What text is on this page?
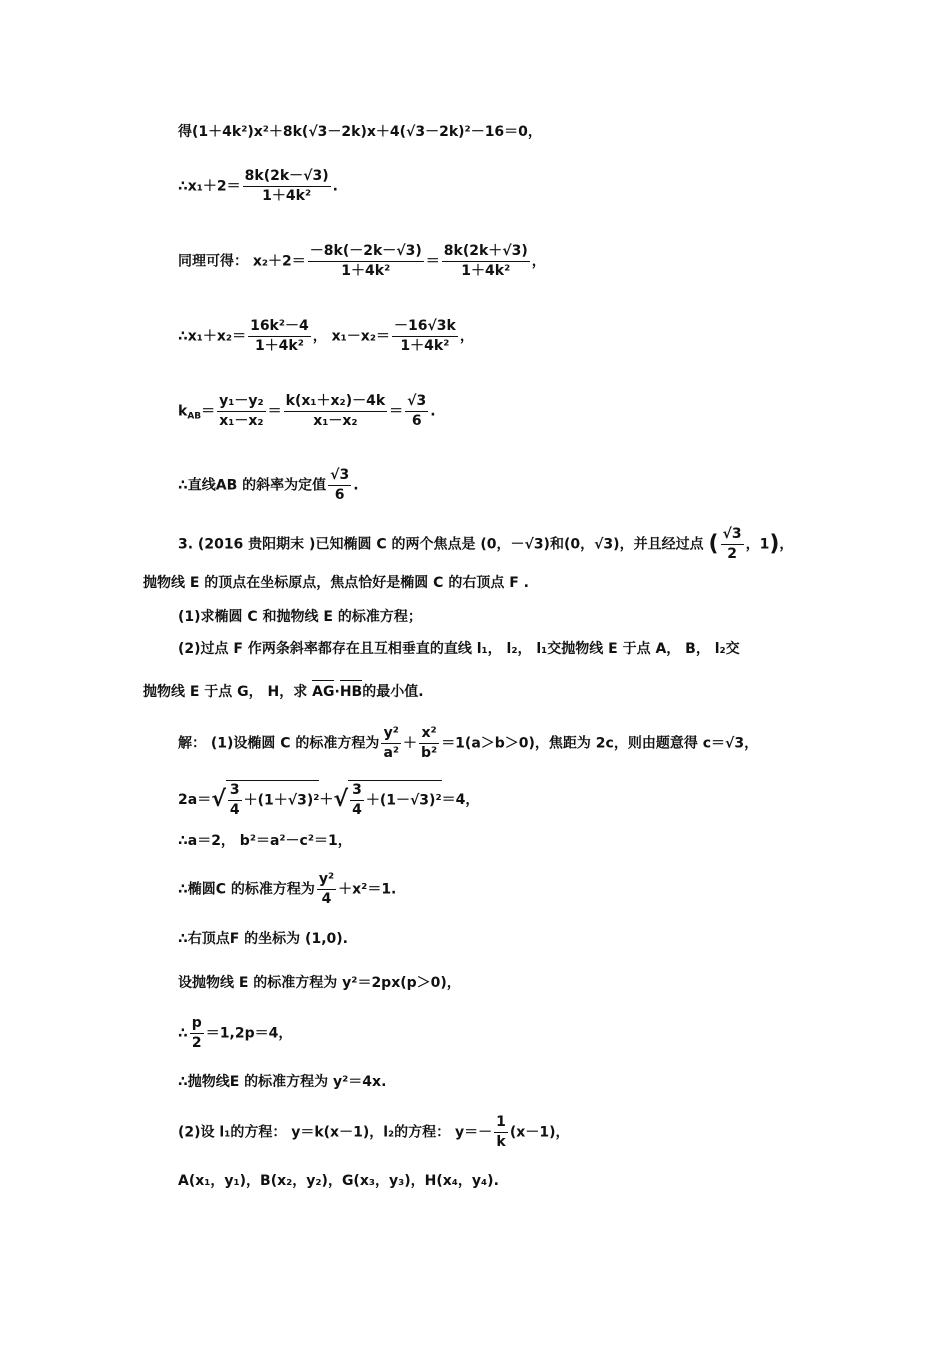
得(1＋4k²)x²＋8k(√3－2k)x＋4(√3－2k)²－16＝0，
∴x₁＋2＝ $\frac{8k(2k-√3)}{\text{1＋4k²}}$ .
同理可得： $x_2+2= \frac{-8k(-2k-√3)}{\text{1＋4k²}} = \frac{8k(2k+√3)}{\text{1＋4k²}}$ ，
∴x₁＋x₂＝ $\frac{\text{16k²－4}}{\text{1＋4k²}}$ ， $x_1-x_2= \frac{-16√3k}{\text{1＋4k²}}$ ，
$k_{AB}= \frac{\text{y₁－y₂}}{\text{x₁－x₂}} = \frac{\text{k(x₁＋x₂)－4k}}{\text{x₁－x₂}} = \frac{√3}{6}$ .
∴直线AB 的斜率为定值 $\frac{√3}{6}$ .
3. (2016 贵阳期末 )已知椭圆 C 的两个焦点是 (0，－√3)和(0，√3)，并且经过点 ( $\frac{√3}{2}$ ，1)，
抛物线 E 的顶点在坐标原点，焦点恰好是椭圆 C 的右顶点 F .
(1)求椭圆 C 和抛物线 E 的标准方程；
(2)过点 F 作两条斜率都存在且互相垂直的直线 l₁， l₂， l₁交抛物线 E 于点 A， B， l₂交
抛物线 E 于点 G， H，求 AG·HB的最小值.
解： (1)设椭圆 C 的标准方程为 $\frac{\text{y²}}{\text{a²}} + \frac{\text{x²}}{\text{b²}} =1(a>b>0)$，焦距为 2c，则由题意得 c＝√3，
$2a=√ \frac{3}{4} +(1+√3)^2+√ \frac{3}{4} +(1-√3)^2=4$，
∴a＝2， b²＝a²－c²＝1，
∴椭圆C 的标准方程为 $\frac{\text{y²}}{4} +x^2=1$.
∴右顶点F 的坐标为 (1,0).
设抛物线 E 的标准方程为 y²＝2px(p＞0)，
∴ $\frac{p}{2} =1,2p=4$，
∴抛物线E 的标准方程为 y²＝4x.
(2)设 l₁的方程： y＝k(x－1)，l₂的方程： $y=- \frac{1}{k} (x-1)$，
A(x₁，y₁)，B(x₂，y₂)，G(x₃，y₃)，H(x₄，y₄).
